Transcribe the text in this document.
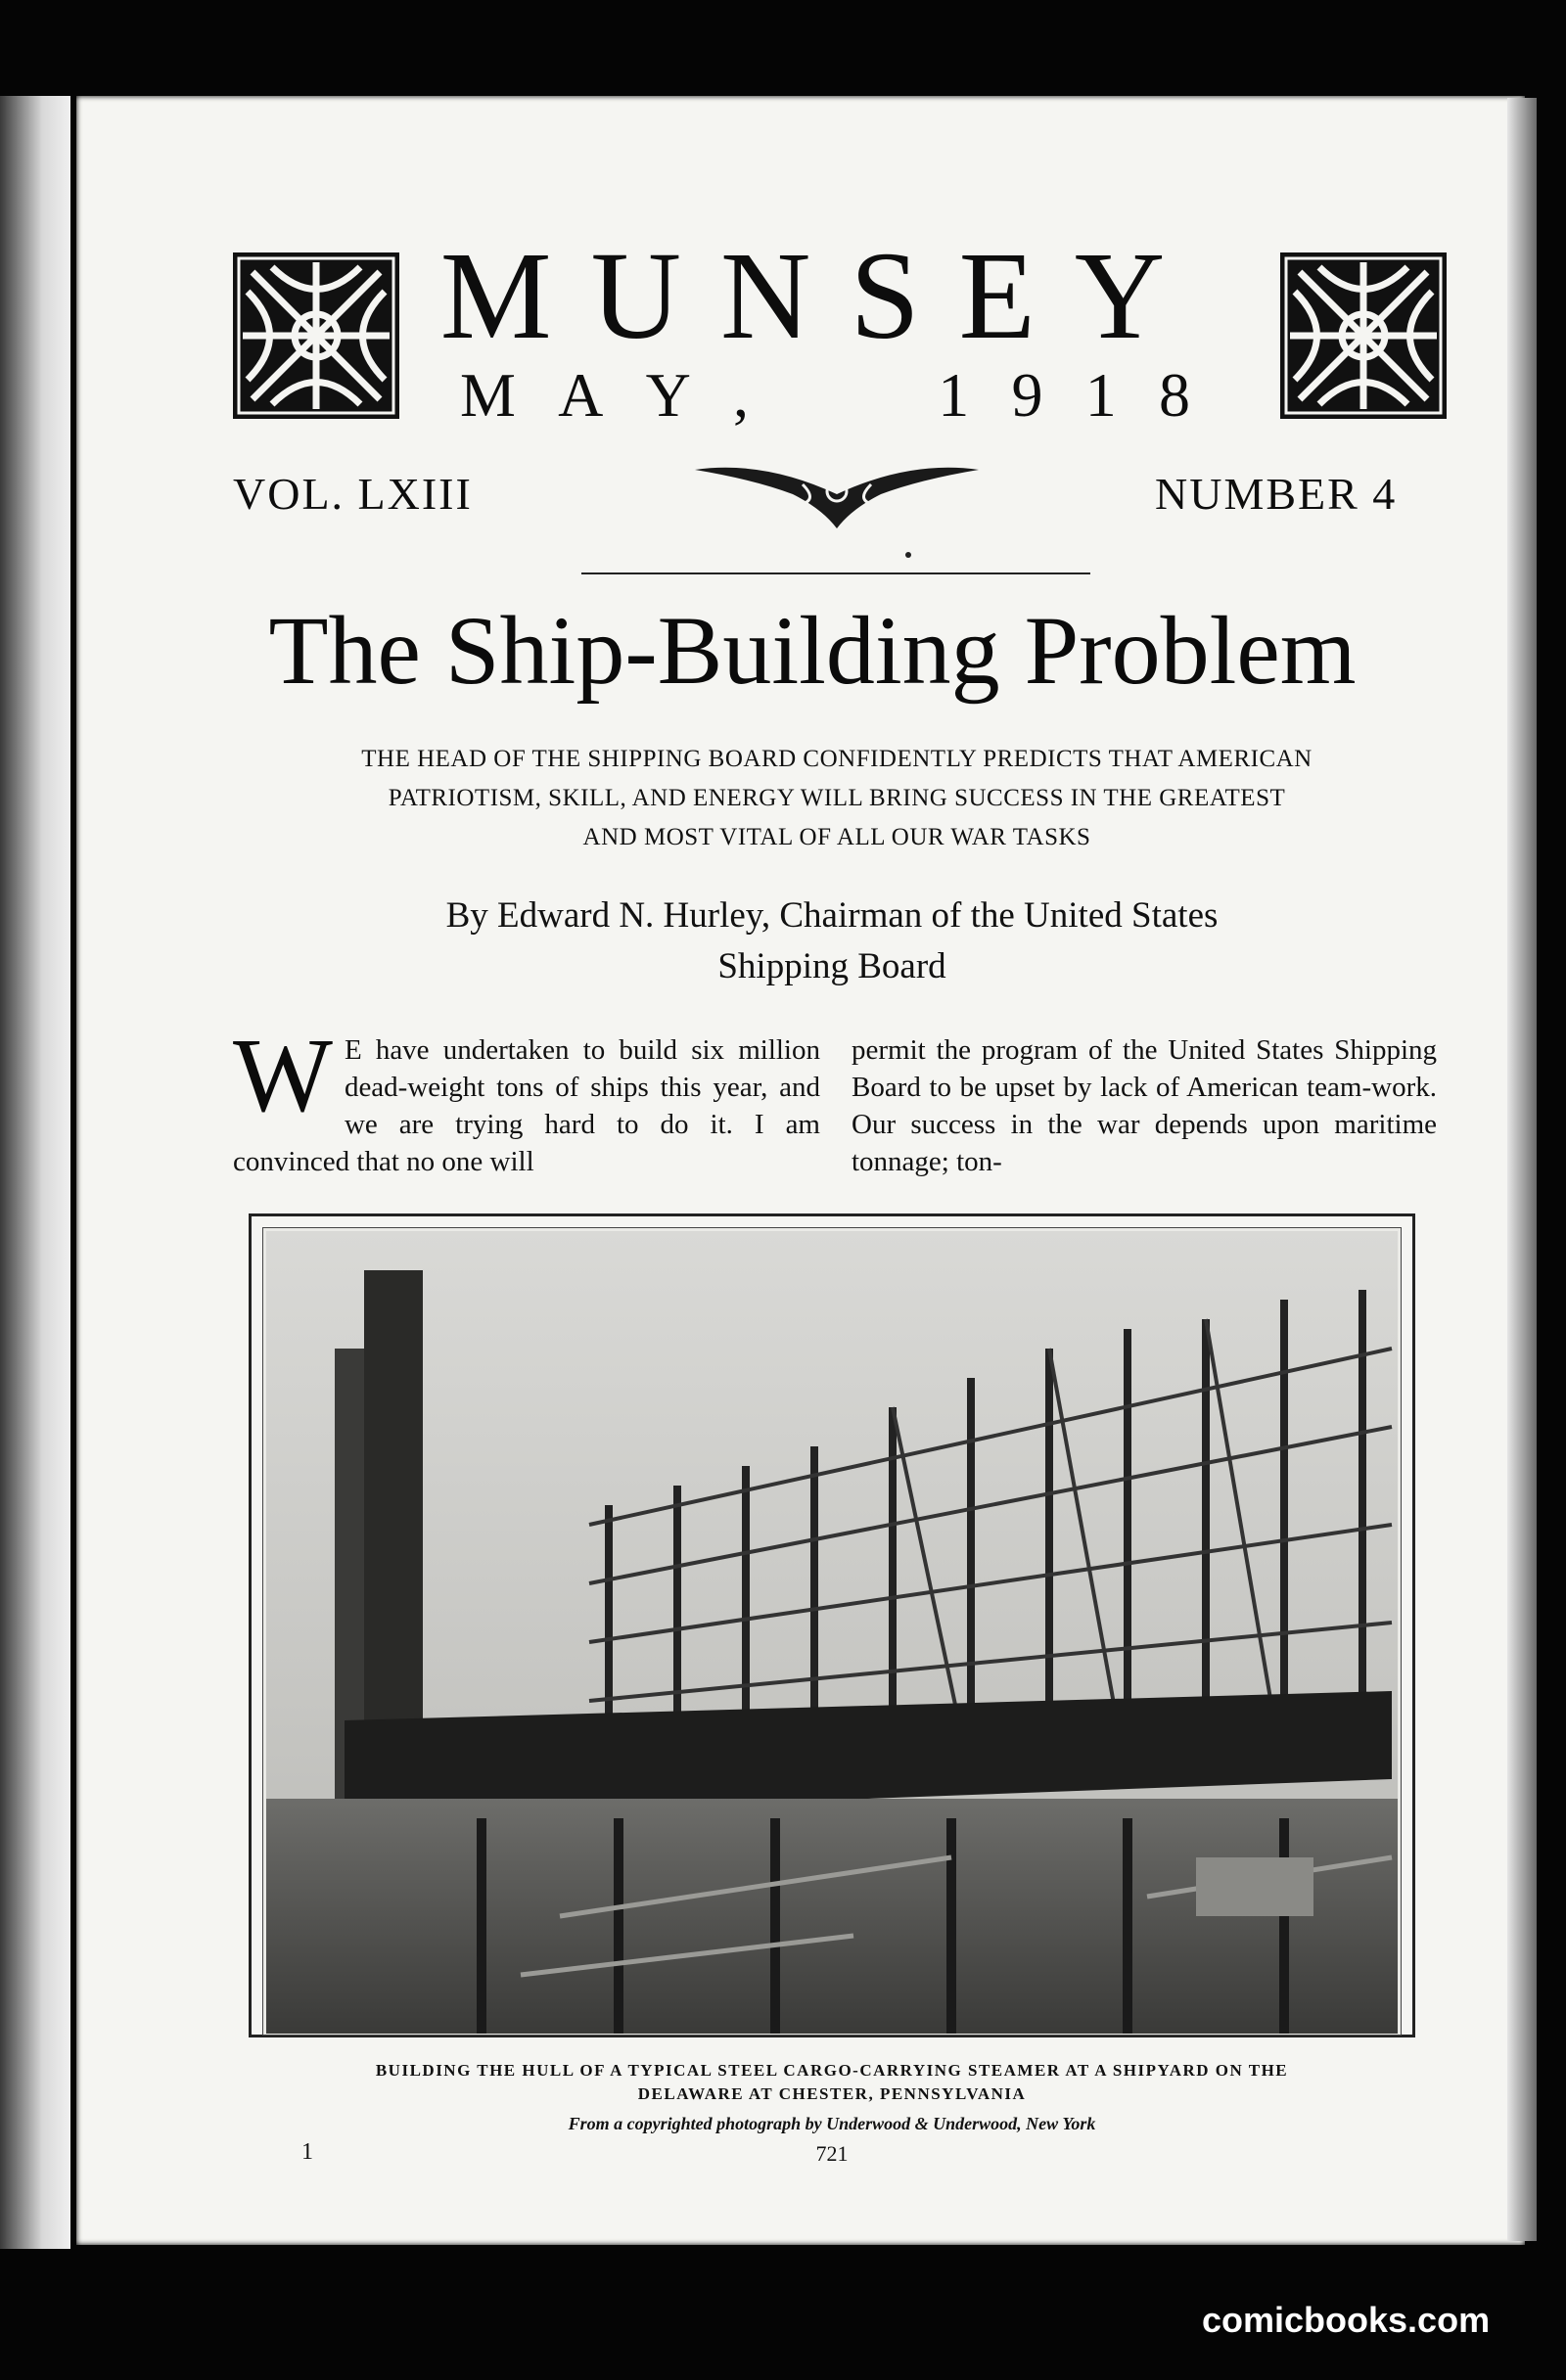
MUNSEY
M A Y , 1 9 1 8
VOL. LXIII	NUMBER 4
The Ship-Building Problem
THE HEAD OF THE SHIPPING BOARD CONFIDENTLY PREDICTS THAT AMERICAN
PATRIOTISM, SKILL, AND ENERGY WILL BRING SUCCESS IN THE GREATEST
AND MOST VITAL OF ALL OUR WAR TASKS
By Edward N. Hurley, Chairman of the United States
Shipping Board
W E have undertaken to build six million dead-weight tons of ships this year, and we are trying hard to do it. I am convinced that no one will
permit the program of the United States Shipping Board to be upset by lack of American team-work. Our success in the war depends upon maritime tonnage; ton-
BUILDING THE HULL OF A TYPICAL STEEL CARGO-CARRYING STEAMER AT A SHIPYARD ON THE
DELAWARE AT CHESTER, PENNSYLVANIA
From a copyrighted photograph by Underwood & Underwood, New York
1	721
comicbooks.com
